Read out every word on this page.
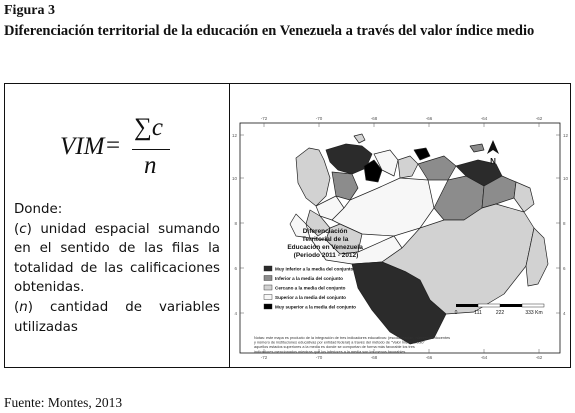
Figura 3
Diferenciación territorial de la educación en Venezuela a través del valor índice medio
VIM =
∑c
n

Donde:

(c) unidad espacial sumando en el sentido de las filas la totalidad de las calificaciones obtenidas.

(n) cantidad de variables utilizadas

-72	-70	-68	-66	-64	-62
-72	-70	-68	-66	-64	-62
12
10
8
6
4
12
10
8
6
4
N
Diferenciación Territorial de la Educación en Venezuela (Periodo 2011 - 2012)
Muy inferior a la media del conjunto
Inferior a la media del conjunto
Cercano a la media del conjunto
Superior a la media del conjunto
Muy superior a la media del conjunto
Notas: este mapa es producto de la integración de tres indicadores educativos: (escolarización, número de docentes y número de instituciones educativas por entidad federal) a través del método de "Valor Índice Medio" aquellos estados superiores a la media es donde se comportan de forma más favorable los tres indicadores mencionados mientras que los inferiores a la media son los menos favorables.
0	111	222	333 Km
Fuente: Montes, 2013
